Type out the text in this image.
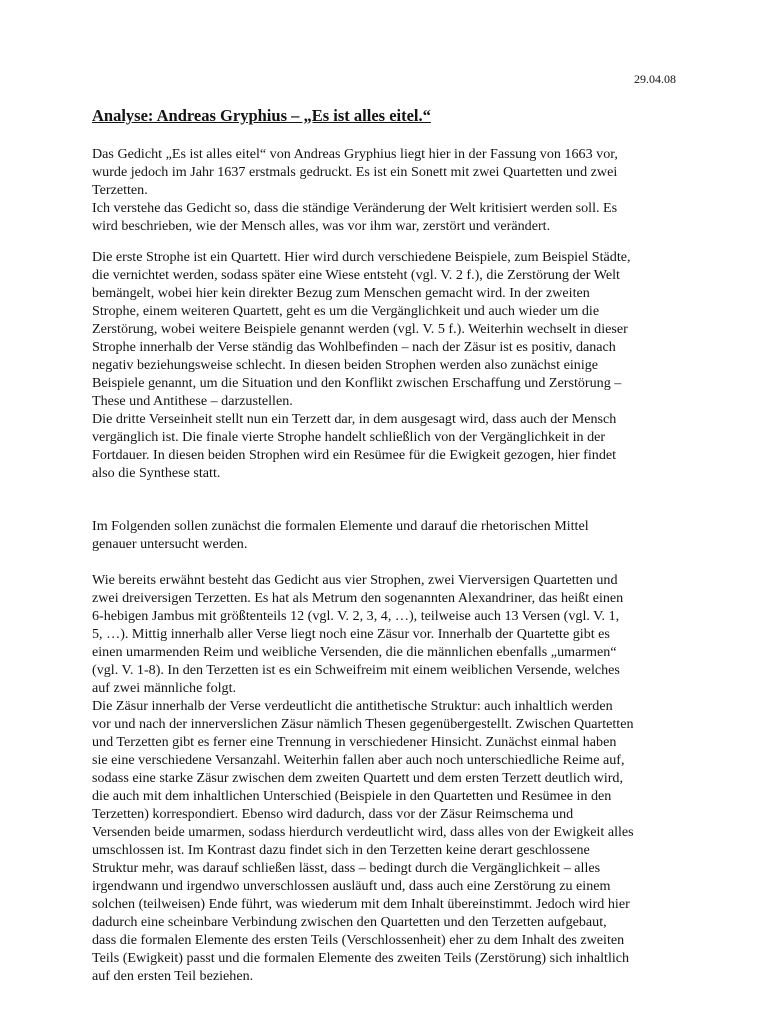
29.04.08
Analyse: Andreas Gryphius – „Es ist alles eitel.“

Das Gedicht „Es ist alles eitel“ von Andreas Gryphius liegt hier in der Fassung von 1663 vor,
wurde jedoch im Jahr 1637 erstmals gedruckt. Es ist ein Sonett mit zwei Quartetten und zwei
Terzetten.

Ich verstehe das Gedicht so, dass die ständige Veränderung der Welt kritisiert werden soll. Es
wird beschrieben, wie der Mensch alles, was vor ihm war, zerstört und verändert.

Die erste Strophe ist ein Quartett. Hier wird durch verschiedene Beispiele, zum Beispiel Städte,
die vernichtet werden, sodass später eine Wiese entsteht (vgl. V. 2 f.), die Zerstörung der Welt
bemängelt, wobei hier kein direkter Bezug zum Menschen gemacht wird. In der zweiten
Strophe, einem weiteren Quartett, geht es um die Vergänglichkeit und auch wieder um die
Zerstörung, wobei weitere Beispiele genannt werden (vgl. V. 5 f.). Weiterhin wechselt in dieser
Strophe innerhalb der Verse ständig das Wohlbefinden – nach der Zäsur ist es positiv, danach
negativ beziehungsweise schlecht. In diesen beiden Strophen werden also zunächst einige
Beispiele genannt, um die Situation und den Konflikt zwischen Erschaffung und Zerstörung –
These und Antithese – darzustellen.

Die dritte Verseinheit stellt nun ein Terzett dar, in dem ausgesagt wird, dass auch der Mensch
vergänglich ist. Die finale vierte Strophe handelt schließlich von der Vergänglichkeit in der
Fortdauer. In diesen beiden Strophen wird ein Resümee für die Ewigkeit gezogen, hier findet
also die Synthese statt.

Im Folgenden sollen zunächst die formalen Elemente und darauf die rhetorischen Mittel
genauer untersucht werden.

Wie bereits erwähnt besteht das Gedicht aus vier Strophen, zwei Vierversigen Quartetten und
zwei dreiversigen Terzetten. Es hat als Metrum den sogenannten Alexandriner, das heißt einen
6-hebigen Jambus mit größtenteils 12 (vgl. V. 2, 3, 4, …), teilweise auch 13 Versen (vgl. V. 1,
5, …). Mittig innerhalb aller Verse liegt noch eine Zäsur vor. Innerhalb der Quartette gibt es
einen umarmenden Reim und weibliche Versenden, die die männlichen ebenfalls „umarmen“
(vgl. V. 1-8). In den Terzetten ist es ein Schweifreim mit einem weiblichen Versende, welches
auf zwei männliche folgt.

Die Zäsur innerhalb der Verse verdeutlicht die antithetische Struktur: auch inhaltlich werden
vor und nach der innerverslichen Zäsur nämlich Thesen gegenübergestellt. Zwischen Quartetten
und Terzetten gibt es ferner eine Trennung in verschiedener Hinsicht. Zunächst einmal haben
sie eine verschiedene Versanzahl. Weiterhin fallen aber auch noch unterschiedliche Reime auf,
sodass eine starke Zäsur zwischen dem zweiten Quartett und dem ersten Terzett deutlich wird,
die auch mit dem inhaltlichen Unterschied (Beispiele in den Quartetten und Resümee in den
Terzetten) korrespondiert. Ebenso wird dadurch, dass vor der Zäsur Reimschema und
Versenden beide umarmen, sodass hierdurch verdeutlicht wird, dass alles von der Ewigkeit alles
umschlossen ist. Im Kontrast dazu findet sich in den Terzetten keine derart geschlossene
Struktur mehr, was darauf schließen lässt, dass – bedingt durch die Vergänglichkeit – alles
irgendwann und irgendwo unverschlossen ausläuft und, dass auch eine Zerstörung zu einem
solchen (teilweisen) Ende führt, was wiederum mit dem Inhalt übereinstimmt. Jedoch wird hier
dadurch eine scheinbare Verbindung zwischen den Quartetten und den Terzetten aufgebaut,
dass die formalen Elemente des ersten Teils (Verschlossenheit) eher zu dem Inhalt des zweiten
Teils (Ewigkeit) passt und die formalen Elemente des zweiten Teils (Zerstörung) sich inhaltlich
auf den ersten Teil beziehen.
